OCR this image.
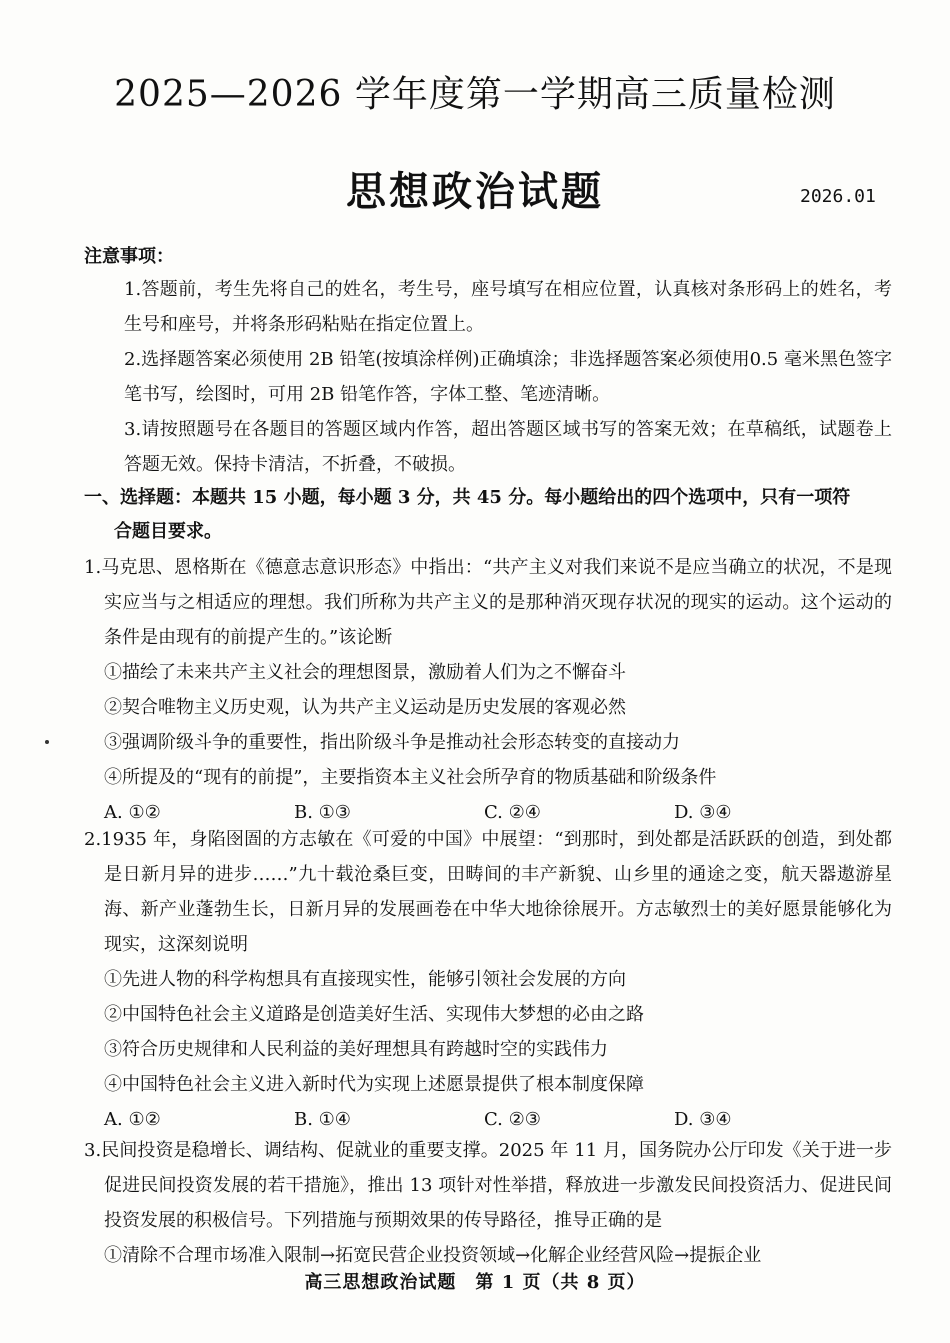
2025—2026 学年度第一学期高三质量检测
思想政治试题	2026.01
注意事项：
1.答题前，考生先将自己的姓名，考生号，座号填写在相应位置，认真核对条形码上的姓名，考生号和座号，并将条形码粘贴在指定位置上。
2.选择题答案必须使用 2B 铅笔(按填涂样例)正确填涂；非选择题答案必须使用0.5 毫米黑色签字笔书写，绘图时，可用 2B 铅笔作答，字体工整、笔迹清晰。
3.请按照题号在各题目的答题区域内作答，超出答题区域书写的答案无效；在草稿纸，试题卷上答题无效。保持卡清洁，不折叠，不破损。
一、选择题：本题共 15 小题，每小题 3 分，共 45 分。每小题给出的四个选项中，只有一项符
合题目要求。
1.马克思、恩格斯在《德意志意识形态》中指出：“共产主义对我们来说不是应当确立的状况，不是现实应当与之相适应的理想。我们所称为共产主义的是那种消灭现存状况的现实的运动。这个运动的条件是由现有的前提产生的。”该论断
①描绘了未来共产主义社会的理想图景，激励着人们为之不懈奋斗
②契合唯物主义历史观，认为共产主义运动是历史发展的客观必然
③强调阶级斗争的重要性，指出阶级斗争是推动社会形态转变的直接动力
④所提及的“现有的前提”，主要指资本主义社会所孕育的物质基础和阶级条件
A. ①②	B. ①③	C. ②④	D. ③④
2.1935 年，身陷囹圄的方志敏在《可爱的中国》中展望：“到那时，到处都是活跃跃的创造，到处都是日新月异的进步……”九十载沧桑巨变，田畴间的丰产新貌、山乡里的通途之变，航天器遨游星海、新产业蓬勃生长，日新月异的发展画卷在中华大地徐徐展开。方志敏烈士的美好愿景能够化为现实，这深刻说明
①先进人物的科学构想具有直接现实性，能够引领社会发展的方向
②中国特色社会主义道路是创造美好生活、实现伟大梦想的必由之路
③符合历史规律和人民利益的美好理想具有跨越时空的实践伟力
④中国特色社会主义进入新时代为实现上述愿景提供了根本制度保障
A. ①②	B. ①④	C. ②③	D. ③④
3.民间投资是稳增长、调结构、促就业的重要支撑。2025 年 11 月，国务院办公厅印发《关于进一步促进民间投资发展的若干措施》，推出 13 项针对性举措，释放进一步激发民间投资活力、促进民间投资发展的积极信号。下列措施与预期效果的传导路径，推导正确的是
①清除不合理市场准入限制→拓宽民营企业投资领域→化解企业经营风险→提振企业
高三思想政治试题　第 1 页（共 8 页）
